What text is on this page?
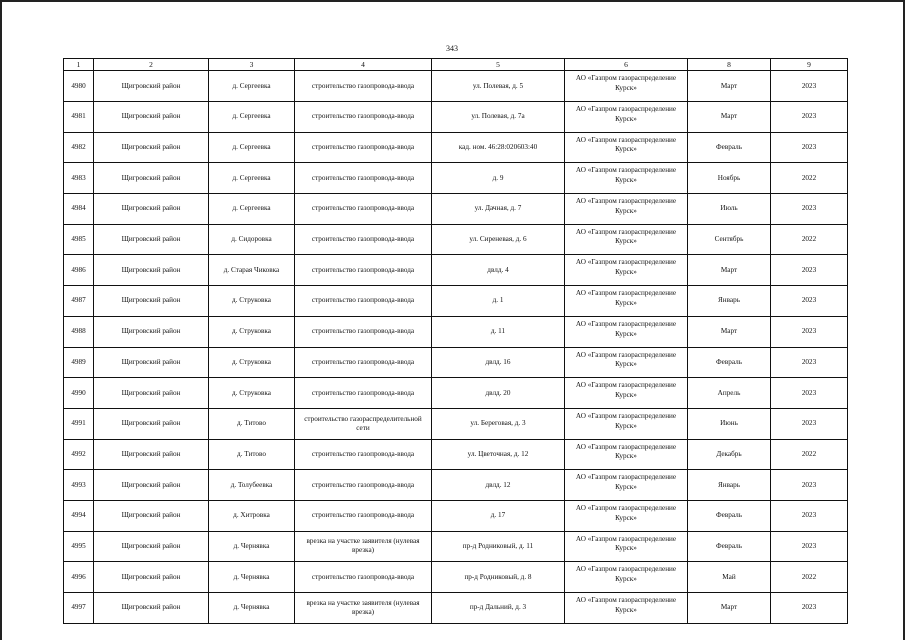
343
1	2	3	4	5	6	8	9
4980	Щигровский район	д. Сергеевка	строительство газопровода-ввода	ул. Полевая, д. 5	АО «Газпром газораспределение Курск»	Март	2023
4981	Щигровский район	д. Сергеевка	строительство газопровода-ввода	ул. Полевая, д. 7а	АО «Газпром газораспределение Курск»	Март	2023
4982	Щигровский район	д. Сергеевка	строительство газопровода-ввода	кад. ном. 46:28:020603:40	АО «Газпром газораспределение Курск»	Февраль	2023
4983	Щигровский район	д. Сергеевка	строительство газопровода-ввода	д. 9	АО «Газпром газораспределение Курск»	Ноябрь	2022
4984	Щигровский район	д. Сергеевка	строительство газопровода-ввода	ул. Дачная, д. 7	АО «Газпром газораспределение Курск»	Июль	2023
4985	Щигровский район	д. Сидоровка	строительство газопровода-ввода	ул. Сиреневая, д. 6	АО «Газпром газораспределение Курск»	Сентябрь	2022
4986	Щигровский район	д. Старая Чиковка	строительство газопровода-ввода	двлд. 4	АО «Газпром газораспределение Курск»	Март	2023
4987	Щигровский район	д. Струковка	строительство газопровода-ввода	д. 1	АО «Газпром газораспределение Курск»	Январь	2023
4988	Щигровский район	д. Струковка	строительство газопровода-ввода	д. 11	АО «Газпром газораспределение Курск»	Март	2023
4989	Щигровский район	д. Струковка	строительство газопровода-ввода	двлд. 16	АО «Газпром газораспределение Курск»	Февраль	2023
4990	Щигровский район	д. Струковка	строительство газопровода-ввода	двлд. 20	АО «Газпром газораспределение Курск»	Апрель	2023
4991	Щигровский район	д. Титово	строительство газораспределительной сети	ул. Береговая, д. 3	АО «Газпром газораспределение Курск»	Июнь	2023
4992	Щигровский район	д. Титово	строительство газопровода-ввода	ул. Цветочная, д. 12	АО «Газпром газораспределение Курск»	Декабрь	2022
4993	Щигровский район	д. Толубеевка	строительство газопровода-ввода	двлд. 12	АО «Газпром газораспределение Курск»	Январь	2023
4994	Щигровский район	д. Хитровка	строительство газопровода-ввода	д. 17	АО «Газпром газораспределение Курск»	Февраль	2023
4995	Щигровский район	д. Чернявка	врезка на участке заявителя (нулевая врезка)	пр-д Родниковый, д. 11	АО «Газпром газораспределение Курск»	Февраль	2023
4996	Щигровский район	д. Чернявка	строительство газопровода-ввода	пр-д Родниковый, д. 8	АО «Газпром газораспределение Курск»	Май	2022
4997	Щигровский район	д. Чернявка	врезка на участке заявителя (нулевая врезка)	пр-д Дальний, д. 3	АО «Газпром газораспределение Курск»	Март	2023
